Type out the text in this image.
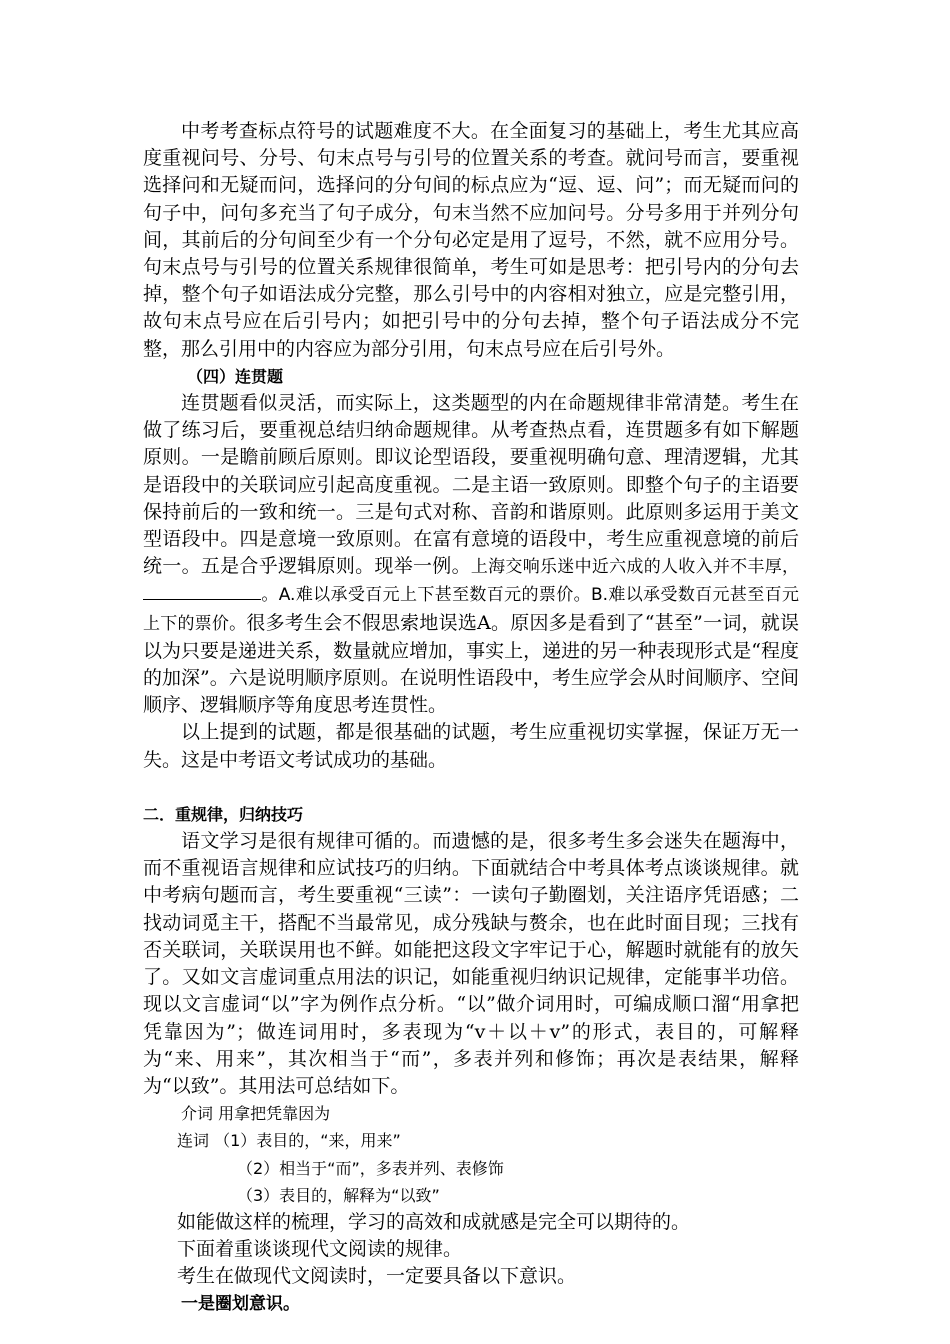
中考考查标点符号的试题难度不大。在全面复习的基础上，考生尤其应高度重视问号、分号、句末点号与引号的位置关系的考查。就问号而言，要重视选择问和无疑而问，选择问的分句间的标点应为“逗、逗、问”；而无疑而问的句子中，问句多充当了句子成分，句末当然不应加问号。分号多用于并列分句间，其前后的分句间至少有一个分句必定是用了逗号，不然，就不应用分号。句末点号与引号的位置关系规律很简单，考生可如是思考：把引号内的分句去掉，整个句子如语法成分完整，那么引号中的内容相对独立，应是完整引用，故句末点号应在后引号内；如把引号中的分句去掉，整个句子语法成分不完整，那么引用中的内容应为部分引用，句末点号应在后引号外。

（四）连贯题

连贯题看似灵活，而实际上，这类题型的内在命题规律非常清楚。考生在做了练习后，要重视总结归纳命题规律。从考查热点看，连贯题多有如下解题原则。一是瞻前顾后原则。即议论型语段，要重视明确句意、理清逻辑，尤其是语段中的关联词应引起高度重视。二是主语一致原则。即整个句子的主语要保持前后的一致和统一。三是句式对称、音韵和谐原则。此原则多运用于美文型语段中。四是意境一致原则。在富有意境的语段中，考生应重视意境的前后统一。五是合乎逻辑原则。现举一例。上海交响乐迷中近六成的人收入并不丰厚，。A.难以承受百元上下甚至数百元的票价。B.难以承受数百元甚至百元上下的票价。很多考生会不假思索地误选A。原因多是看到了“甚至”一词，就误以为只要是递进关系，数量就应增加，事实上，递进的另一种表现形式是“程度的加深”。六是说明顺序原则。在说明性语段中，考生应学会从时间顺序、空间顺序、逻辑顺序等角度思考连贯性。

以上提到的试题，都是很基础的试题，考生应重视切实掌握，保证万无一失。这是中考语文考试成功的基础。

二．重规律，归纳技巧

语文学习是很有规律可循的。而遗憾的是，很多考生多会迷失在题海中，而不重视语言规律和应试技巧的归纳。下面就结合中考具体考点谈谈规律。就中考病句题而言，考生要重视“三读”：一读句子勤圈划，关注语序凭语感；二找动词觅主干，搭配不当最常见，成分残缺与赘余，也在此时面目现；三找有否关联词，关联误用也不鲜。如能把这段文字牢记于心，解题时就能有的放矢了。又如文言虚词重点用法的识记，如能重视归纳识记规律，定能事半功倍。现以文言虚词“以”字为例作点分析。“以”做介词用时，可编成顺口溜“用拿把凭靠因为”；做连词用时，多表现为“v＋以＋v”的形式，表目的，可解释为“来、用来”，其次相当于“而”，多表并列和修饰；再次是表结果，解释为“以致”。其用法可总结如下。

介词 用拿把凭靠因为

连词 （1）表目的，“来，用来”

（2）相当于“而”，多表并列、表修饰

（3）表目的，解释为“以致”

如能做这样的梳理，学习的高效和成就感是完全可以期待的。

下面着重谈谈现代文阅读的规律。

考生在做现代文阅读时，一定要具备以下意识。

一是圈划意识。
